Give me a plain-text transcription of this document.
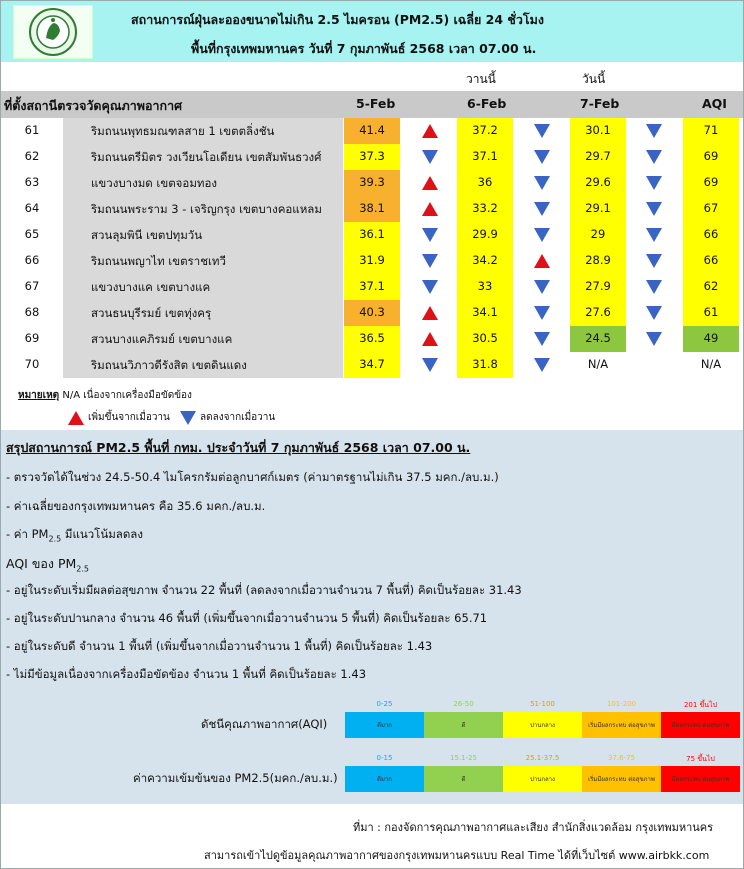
สถานการณ์ฝุ่นละอองขนาดไม่เกิน 2.5 ไมครอน (PM2.5) เฉลี่ย 24 ชั่วโมง
พื้นที่กรุงเทพมหานคร วันที่ 7 กุมภาพันธ์ 2568 เวลา 07.00 น.
วานนี้	วันนี้
ที่ตั้งสถานีตรวจวัดคุณภาพอากาศ	5-Feb	6-Feb	7-Feb	AQI
61	ริมถนนพุทธมณฑลสาย 1 เขตตลิ่งชัน	41.4	37.2	30.1	71
62	ริมถนนตรีมิตร วงเวียนโอเดียน เขตสัมพันธวงศ์	37.3	37.1	29.7	69
63	แขวงบางมด เขตจอมทอง	39.3	36	29.6	69
64	ริมถนนพระราม 3 - เจริญกรุง เขตบางคอแหลม	38.1	33.2	29.1	67
65	สวนลุมพินี เขตปทุมวัน	36.1	29.9	29	66
66	ริมถนนพญาไท เขตราชเทวี	31.9	34.2	28.9	66
67	แขวงบางแค เขตบางแค	37.1	33	27.9	62
68	สวนธนบุรีรมย์ เขตทุ่งครุ	40.3	34.1	27.6	61
69	สวนบางแคภิรมย์ เขตบางแค	36.5	30.5	24.5	49
70	ริมถนนวิภาวดีรังสิต เขตดินแดง	34.7	31.8	N/A	N/A
หมายเหตุ N/A เนื่องจากเครื่องมือขัดข้อง
เพิ่มขึ้นจากเมื่อวาน	ลดลงจากเมื่อวาน
สรุปสถานการณ์ PM2.5 พื้นที่ กทม. ประจำวันที่ 7 กุมภาพันธ์ 2568 เวลา 07.00 น.
- ตรวจวัดได้ในช่วง 24.5-50.4 ไมโครกรัมต่อลูกบาศก์เมตร (ค่ามาตรฐานไม่เกิน 37.5 มคก./ลบ.ม.)
- ค่าเฉลี่ยของกรุงเทพมหานคร คือ 35.6 มคก./ลบ.ม.
- ค่า $PM_{2.5}$ มีแนวโน้มลดลง
AQI ของ $PM_{2.5}$
- อยู่ในระดับเริ่มมีผลต่อสุขภาพ จำนวน 22 พื้นที่ (ลดลงจากเมื่อวานจำนวน 7 พื้นที่) คิดเป็นร้อยละ 31.43
- อยู่ในระดับปานกลาง จำนวน 46 พื้นที่ (เพิ่มขึ้นจากเมื่อวานจำนวน 5 พื้นที่) คิดเป็นร้อยละ 65.71
- อยู่ในระดับดี จำนวน 1 พื้นที่ (เพิ่มขึ้นจากเมื่อวานจำนวน 1 พื้นที่) คิดเป็นร้อยละ 1.43
- ไม่มีข้อมูลเนื่องจากเครื่องมือขัดข้อง จำนวน 1 พื้นที่ คิดเป็นร้อยละ 1.43
ดัชนีคุณภาพอากาศ(AQI)
0-25
ดีมาก
26-50
ดี
51-100
ปานกลาง
101-200
เริ่มมีผลกระทบ ต่อสุขภาพ
201 ขึ้นไป
มีผลกระทบ ต่อสุขภาพ
ค่าความเข้มข้นของ PM2.5(มคก./ลบ.ม.)
0-15
ดีมาก
15.1-25
ดี
25.1-37.5
ปานกลาง
37.6-75
เริ่มมีผลกระทบ ต่อสุขภาพ
75 ขึ้นไป
มีผลกระทบ ต่อสุขภาพ
ที่มา : กองจัดการคุณภาพอากาศและเสียง สำนักสิ่งแวดล้อม กรุงเทพมหานคร
สามารถเข้าไปดูข้อมูลคุณภาพอากาศของกรุงเทพมหานครแบบ Real Time ได้ที่เว็บไซต์ www.airbkk.com
